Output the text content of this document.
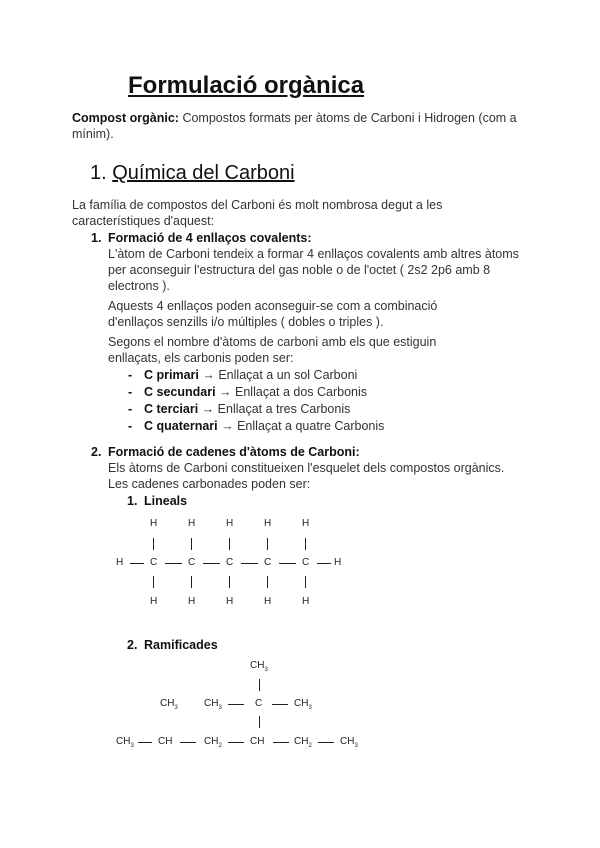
Formulació orgànica
Compost orgànic: Compostos formats per àtoms de Carboni i Hidrogen (com a
mínim).
1. Química del Carboni
La família de compostos del Carboni és molt nombrosa degut a les
característiques d'aquest:
1. Formació de 4 enllaços covalents:
L'àtom de Carboni tendeix a formar 4 enllaços covalents amb altres àtoms
per aconseguir l'estructura del gas noble o de l'octet ( 2s2 2p6 amb 8
electrons ).
Aquests 4 enllaços poden aconseguir-se com a combinació
d'enllaços senzills i/o múltiples ( dobles o triples ).
Segons el nombre d'àtoms de carboni amb els que estiguin
enllaçats, els carbonis poden ser:
- C primari → Enllaçat a un sol Carboni
- C secundari → Enllaçat a dos Carbonis
- C terciari → Enllaçat a tres Carbonis
- C quaternari → Enllaçat a quatre Carbonis
2. Formació de cadenes d'àtoms de Carboni:
Els àtoms de Carboni constitueixen l'esquelet dels compostos orgànics.
Les cadenes carbonades poden ser:
1. Lineals
H
C
H
H
C
H
H
C
H
H
C
H
H
C
H
H	H
2. Ramificades
$CH_3$
$CH_3$	$CH_3$	C	$CH_3$
$CH_3$ CH	$CH_2$	CH	$CH_2$	$CH_3$
